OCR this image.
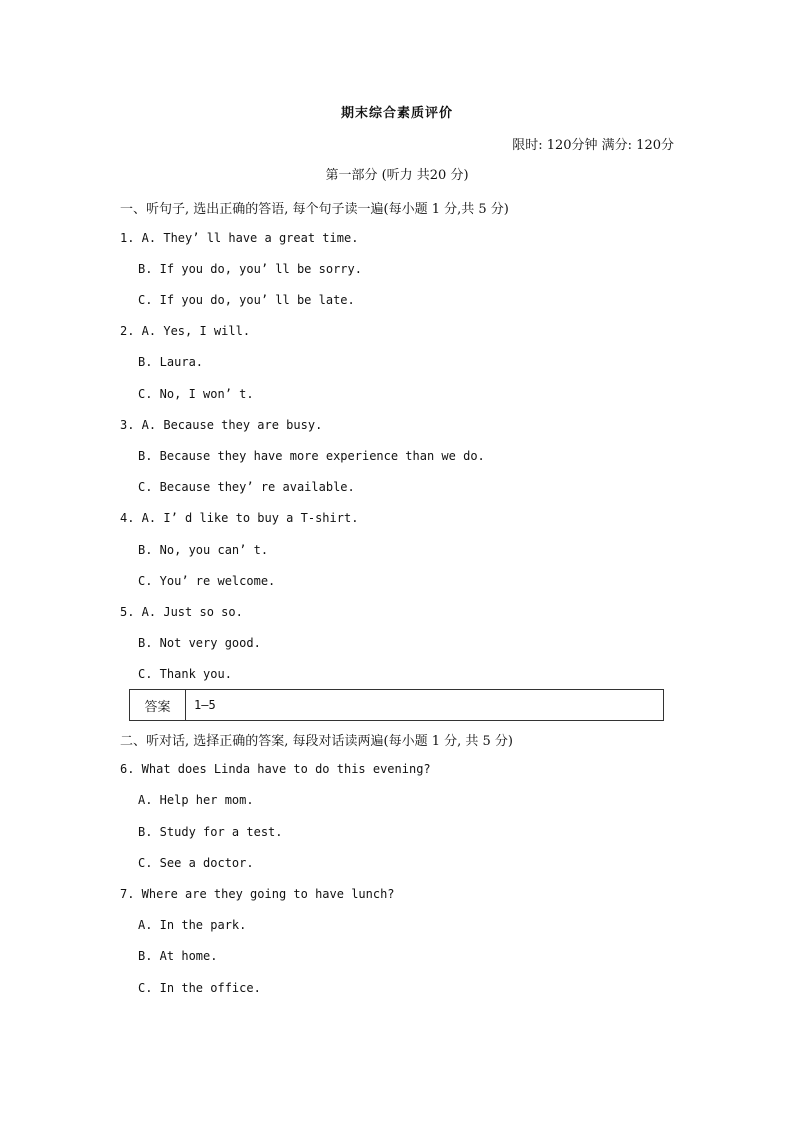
期末综合素质评价
限时: 120分钟 满分: 120分
第一部分 (听力 共20 分)
一、听句子, 选出正确的答语, 每个句子读一遍(每小题 1 分,共 5 分)
1. A. They’ ll have a great time.
B. If you do, you’ ll be sorry.
C. If you do, you’ ll be late.
2. A. Yes, I will.
B. Laura.
C. No, I won’ t.
3. A. Because they are busy.
B. Because they have more experience than we do.
C. Because they’ re available.
4. A. I’ d like to buy a T-shirt.
B. No, you can’ t.
C. You’ re welcome.
5. A. Just so so.
B. Not very good.
C. Thank you.
答案	1—5
二、听对话, 选择正确的答案, 每段对话读两遍(每小题 1 分, 共 5 分)
6. What does Linda have to do this evening?
A. Help her mom.
B. Study for a test.
C. See a doctor.
7. Where are they going to have lunch?
A. In the park.
B. At home.
C. In the office.
